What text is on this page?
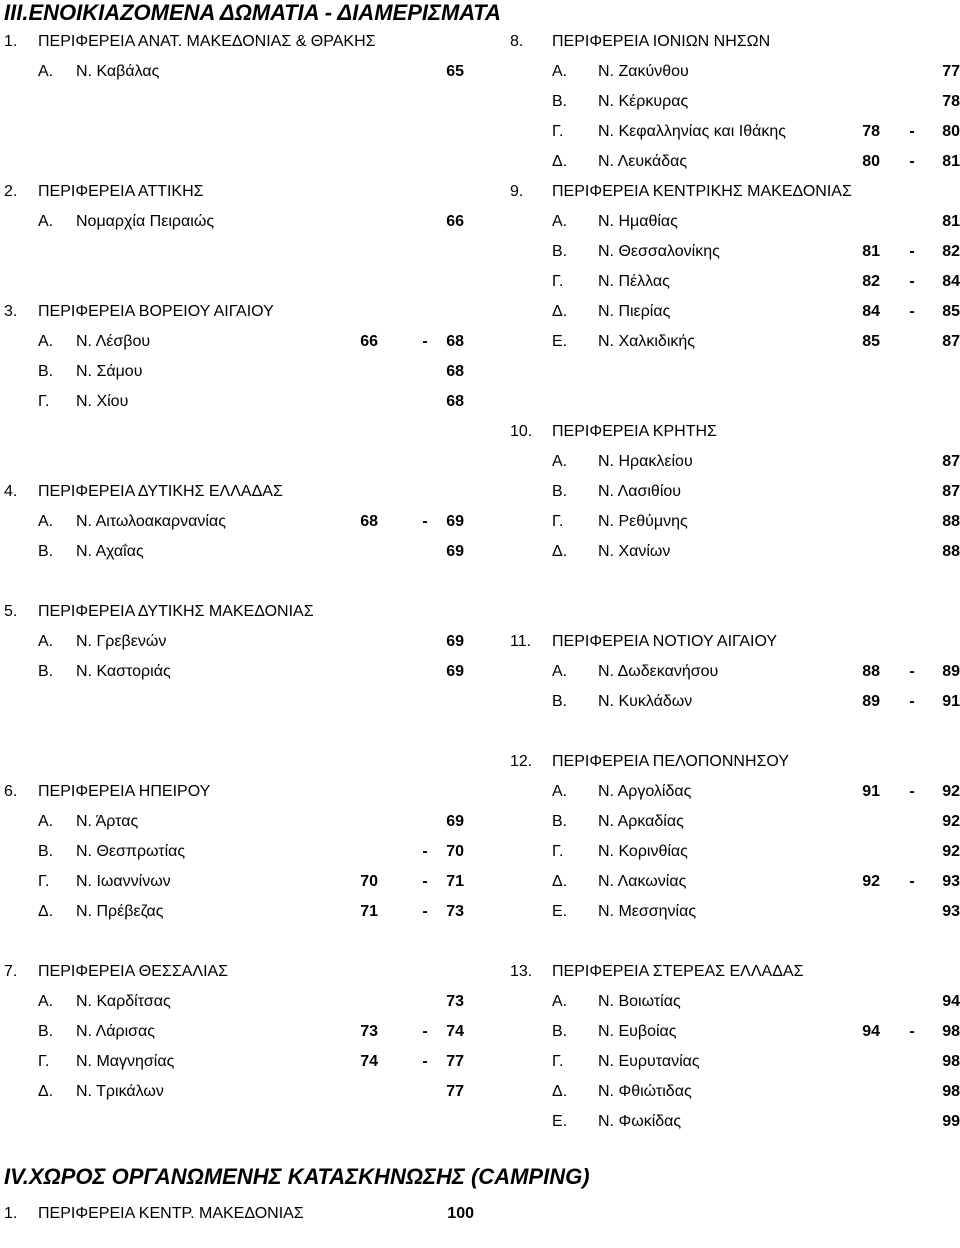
III.ΕΝΟΙΚΙΑΖΟΜΕΝΑ ΔΩΜΑΤΙΑ - ΔΙΑΜΕΡΙΣΜΑΤΑ
1. ΠΕΡΙΦΕΡΕΙΑ ΑΝΑΤ. ΜΑΚΕΔΟΝΙΑΣ & ΘΡΑΚΗΣ
Α. Ν. Καβάλας	65
2. ΠΕΡΙΦΕΡΕΙΑ ΑΤΤΙΚΗΣ
Α. Νομαρχία Πειραιώς	66
3. ΠΕΡΙΦΕΡΕΙΑ ΒΟΡΕΙΟΥ ΑΙΓΑΙΟΥ
Α. Ν. Λέσβου	66	-	68
Β. Ν. Σάμου	68
Γ. Ν. Χίου	68
4. ΠΕΡΙΦΕΡΕΙΑ ΔΥΤΙΚΗΣ ΕΛΛΑΔΑΣ
Α. Ν. Αιτωλοακαρνανίας	68	-	69
Β. Ν. Αχαΐας	69
5. ΠΕΡΙΦΕΡΕΙΑ ΔΥΤΙΚΗΣ ΜΑΚΕΔΟΝΙΑΣ
Α. Ν. Γρεβενών	69
Β. Ν. Καστοριάς	69
6. ΠΕΡΙΦΕΡΕΙΑ ΗΠΕΙΡΟΥ
Α. Ν. Άρτας	69
Β. Ν. Θεσπρωτίας	-	70
Γ. Ν. Ιωαννίνων	70	-	71
Δ. Ν. Πρέβεζας	71	-	73
7. ΠΕΡΙΦΕΡΕΙΑ ΘΕΣΣΑΛΙΑΣ
Α. Ν. Καρδίτσας	73
Β. Ν. Λάρισας	73	-	74
Γ. Ν. Μαγνησίας	74	-	77
Δ. Ν. Τρικάλων	77
8. ΠΕΡΙΦΕΡΕΙΑ ΙΟΝΙΩΝ ΝΗΣΩΝ
Α. Ν. Ζακύνθου	77
Β. Ν. Κέρκυρας	78
Γ. Ν. Κεφαλληνίας και Ιθάκης	78 -	80
Δ. Ν. Λευκάδας	80 -	81
9. ΠΕΡΙΦΕΡΕΙΑ ΚΕΝΤΡΙΚΗΣ ΜΑΚΕΔΟΝΙΑΣ
Α. Ν. Ημαθίας	81
Β. Ν. Θεσσαλονίκης	81 -	82
Γ. Ν. Πέλλας	82 -	84
Δ. Ν. Πιερίας	84 -	85
Ε. Ν. Χαλκιδικής	85	87
10. ΠΕΡΙΦΕΡΕΙΑ ΚΡΗΤΗΣ
Α. Ν. Ηρακλείου	87
Β. Ν. Λασιθίου	87
Γ. Ν. Ρεθύμνης	88
Δ. Ν. Χανίων	88
11. ΠΕΡΙΦΕΡΕΙΑ ΝΟΤΙΟΥ ΑΙΓΑΙΟΥ
Α. Ν. Δωδεκανήσου	88 -	89
Β. Ν. Κυκλάδων	89 -	91
12. ΠΕΡΙΦΕΡΕΙΑ ΠΕΛΟΠΟΝΝΗΣΟΥ
Α. Ν. Αργολίδας	91 -	92
Β. Ν. Αρκαδίας	92
Γ. Ν. Κορινθίας	92
Δ. Ν. Λακωνίας	92 -	93
Ε. Ν. Μεσσηνίας	93
13. ΠΕΡΙΦΕΡΕΙΑ ΣΤΕΡΕΑΣ ΕΛΛΑΔΑΣ
Α. Ν. Βοιωτίας	94
Β. Ν. Ευβοίας	94 -	98
Γ. Ν. Ευρυτανίας	98
Δ. Ν. Φθιώτιδας	98
Ε. Ν. Φωκίδας	99
1. ΠΕΡΙΦΕΡΕΙΑ ΚΕΝΤΡ. ΜΑΚΕΔΟΝΙΑΣ	100
IV.ΧΩΡΟΣ ΟΡΓΑΝΩΜΕΝΗΣ ΚΑΤΑΣΚΗΝΩΣΗΣ (CAMPING)
